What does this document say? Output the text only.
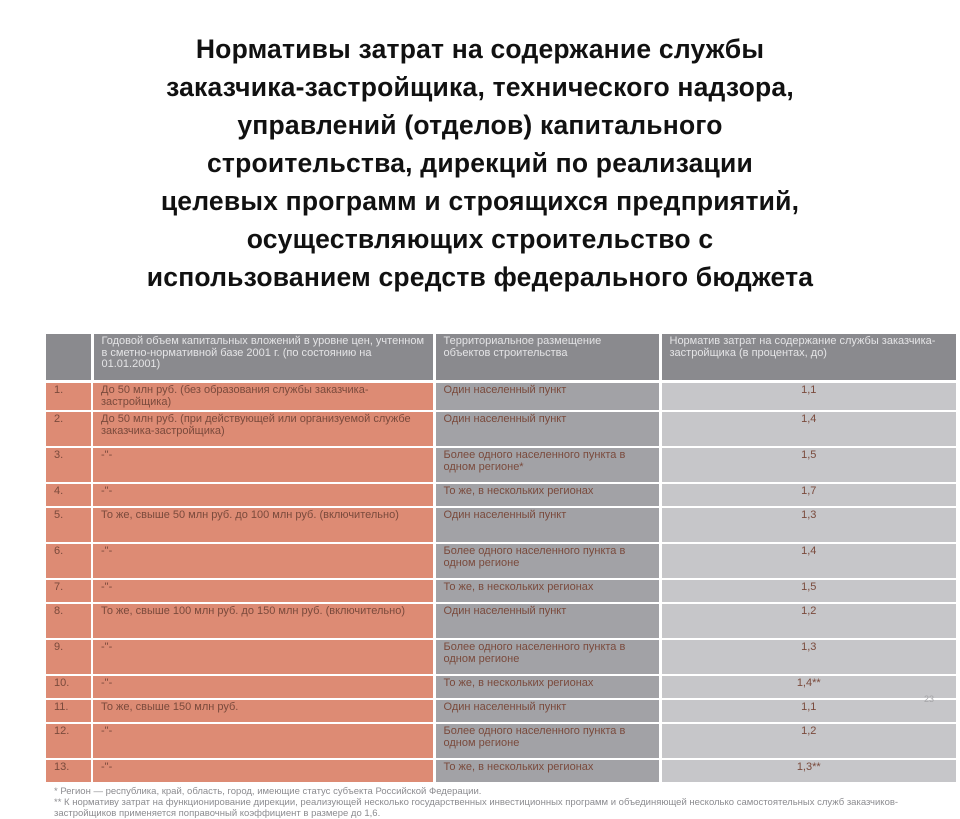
Нормативы затрат на содержание службы
заказчика-застройщика, технического надзора,
управлений (отделов) капитального
строительства, дирекций по реализации
целевых программ и строящихся предприятий,
осуществляющих строительство с
использованием средств федерального бюджета
	Годовой объем капитальных вложений в уровне цен, учтенном в сметно-нормативной базе 2001 г. (по состоянию на 01.01.2001)	Территориальное размещение объектов строительства	Норматив затрат на содержание службы заказчика-застройщика (в процентах, до)
1.	До 50 млн руб. (без образования службы заказчика-застройщика)	Один населенный пункт	1,1
2.	До 50 млн руб. (при действующей или организуемой службе заказчика-застройщика)	Один населенный пункт	1,4
3.	-"-	Более одного населенного пункта в одном регионе*	1,5
4.	-"-	То же, в нескольких регионах	1,7
5.	То же, свыше 50 млн руб. до 100 млн руб. (включительно)	Один населенный пункт	1,3
6.	-"-	Более одного населенного пункта в одном регионе	1,4
7.	-"-	То же, в нескольких регионах	1,5
8.	То же, свыше 100 млн руб. до 150 млн руб. (включительно)	Один населенный пункт	1,2
9.	-"-	Более одного населенного пункта в одном регионе	1,3
10.	-"-	То же, в нескольких регионах	1,4**
11.	То же, свыше 150 млн руб.	Один населенный пункт	1,1
12.	-"-	Более одного населенного пункта в одном регионе	1,2
13.	-"-	То же, в нескольких регионах	1,3**
* Регион — республика, край, область, город, имеющие статус субъекта Российской Федерации.
** К нормативу затрат на функционирование дирекции, реализующей несколько государственных инвестиционных программ и объединяющей несколько самостоятельных служб заказчиков-застройщиков применяется поправочный коэффициент в размере до 1,6.
23
